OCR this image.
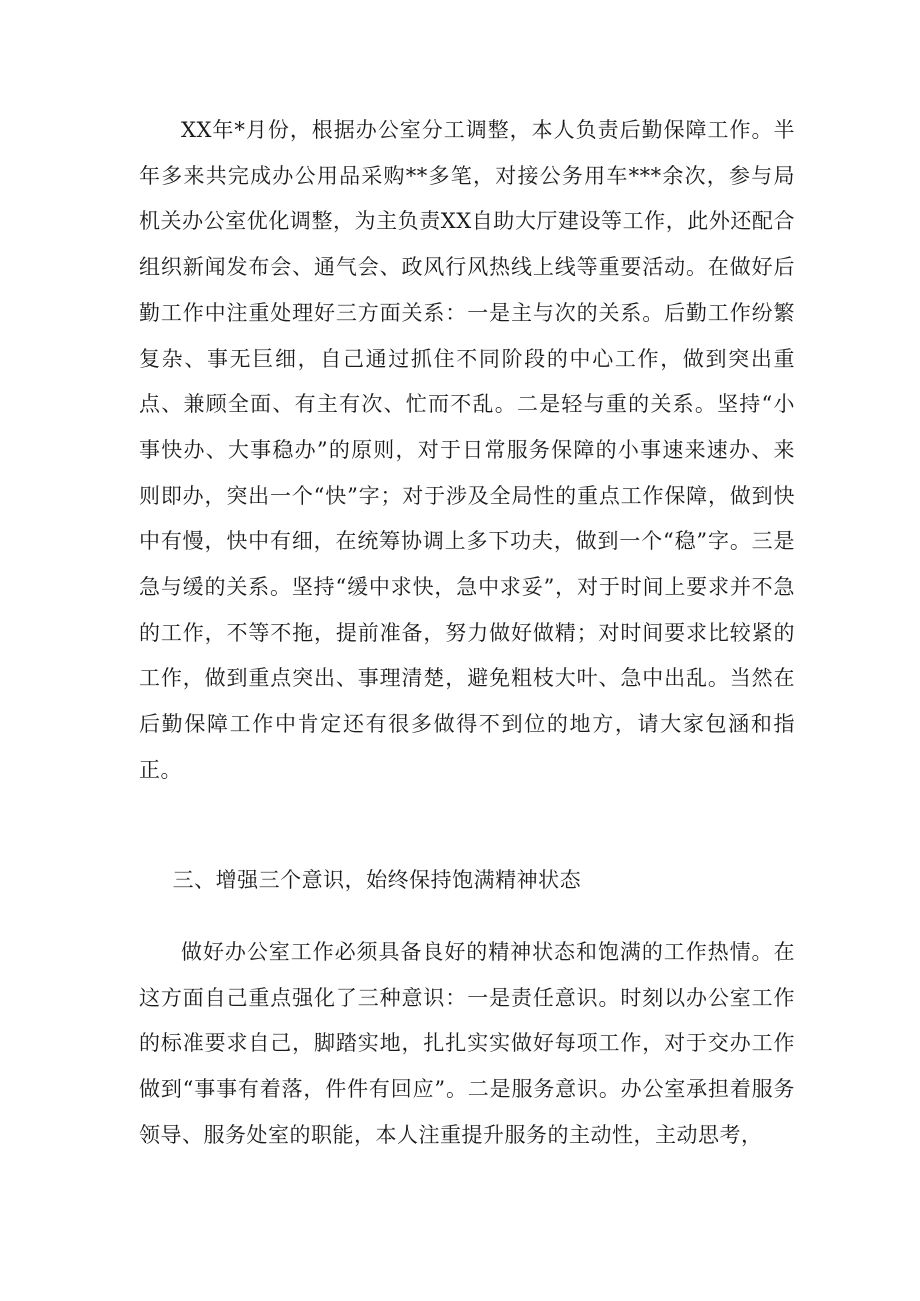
XX年*月份，根据办公室分工调整，本人负责后勤保障工作。半年多来共完成办公用品采购**多笔，对接公务用车***余次，参与局机关办公室优化调整，为主负责XX自助大厅建设等工作，此外还配合组织新闻发布会、通气会、政风行风热线上线等重要活动。在做好后勤工作中注重处理好三方面关系：一是主与次的关系。后勤工作纷繁复杂、事无巨细，自己通过抓住不同阶段的中心工作，做到突出重点、兼顾全面、有主有次、忙而不乱。二是轻与重的关系。坚持“小事快办、大事稳办”的原则，对于日常服务保障的小事速来速办、来则即办，突出一个“快”字；对于涉及全局性的重点工作保障，做到快中有慢，快中有细，在统筹协调上多下功夫，做到一个“稳”字。三是急与缓的关系。坚持“缓中求快，急中求妥”，对于时间上要求并不急的工作，不等不拖，提前准备，努力做好做精；对时间要求比较紧的工作，做到重点突出、事理清楚，避免粗枝大叶、急中出乱。当然在后勤保障工作中肯定还有很多做得不到位的地方，请大家包涵和指正。

三、增强三个意识，始终保持饱满精神状态

做好办公室工作必须具备良好的精神状态和饱满的工作热情。在这方面自己重点强化了三种意识：一是责任意识。时刻以办公室工作的标准要求自己，脚踏实地，扎扎实实做好每项工作，对于交办工作做到“事事有着落，件件有回应”。二是服务意识。办公室承担着服务领导、服务处室的职能，本人注重提升服务的主动性，主动思考，
